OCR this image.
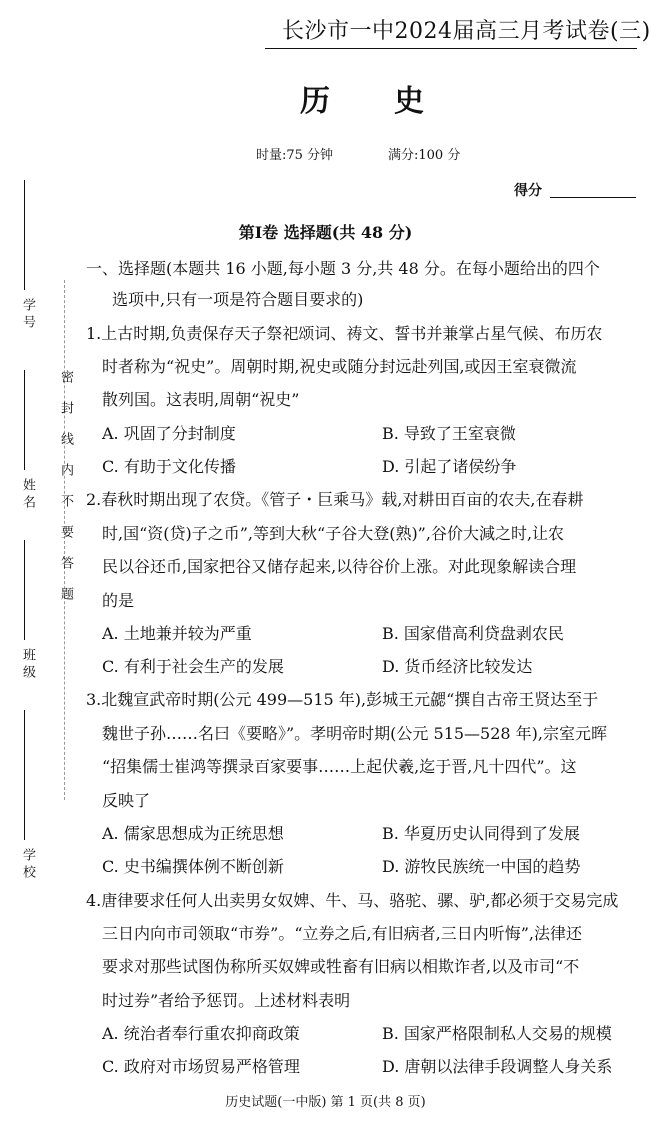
长沙市一中2024届高三月考试卷(三)
历 史
时量:75 分钟	满分:100 分
得分
学 号
姓 名
班 级
学 校
密封线内不要答题
第Ⅰ卷 选择题(共 48 分)
一、选择题(本题共 16 小题,每小题 3 分,共 48 分。在每小题给出的四个
选项中,只有一项是符合题目要求的)
1.上古时期,负责保存天子祭祀颂词、祷文、誓书并兼掌占星气候、布历农
时者称为“祝史”。周朝时期,祝史或随分封远赴列国,或因王室衰微流
散列国。这表明,周朝“祝史”
A. 巩固了分封制度	B. 导致了王室衰微
C. 有助于文化传播	D. 引起了诸侯纷争
2.春秋时期出现了农贷。《管子・巨乘马》载,对耕田百亩的农夫,在春耕
时,国“资(贷)子之币”,等到大秋“子谷大登(熟)”,谷价大減之时,让农
民以谷还币,国家把谷又储存起来,以待谷价上涨。对此现象解读合理
的是
A. 土地兼并较为严重	B. 国家借高利贷盘剥农民
C. 有利于社会生产的发展	D. 货币经济比较发达
3.北魏宣武帝时期(公元 499—515 年),彭城王元勰“撰自古帝王贤达至于
魏世子孙……名曰《要略》”。孝明帝时期(公元 515—528 年),宗室元晖
“招集儒士崔鸿等撰录百家要事……上起伏羲,迄于晋,凡十四代”。这
反映了
A. 儒家思想成为正统思想	B. 华夏历史认同得到了发展
C. 史书编撰体例不断创新	D. 游牧民族统一中国的趋势
4.唐律要求任何人出卖男女奴婢、牛、马、骆驼、骡、驴,都必须于交易完成
三日内向市司领取“市券”。“立券之后,有旧病者,三日内听悔”,法律还
要求对那些试图伪称所买奴婢或牲畜有旧病以相欺诈者,以及市司“不
时过券”者给予惩罚。上述材料表明
A. 统治者奉行重农抑商政策	B. 国家严格限制私人交易的规模
C. 政府对市场贸易严格管理	D. 唐朝以法律手段调整人身关系
历史试题(一中版) 第 1 页(共 8 页)
